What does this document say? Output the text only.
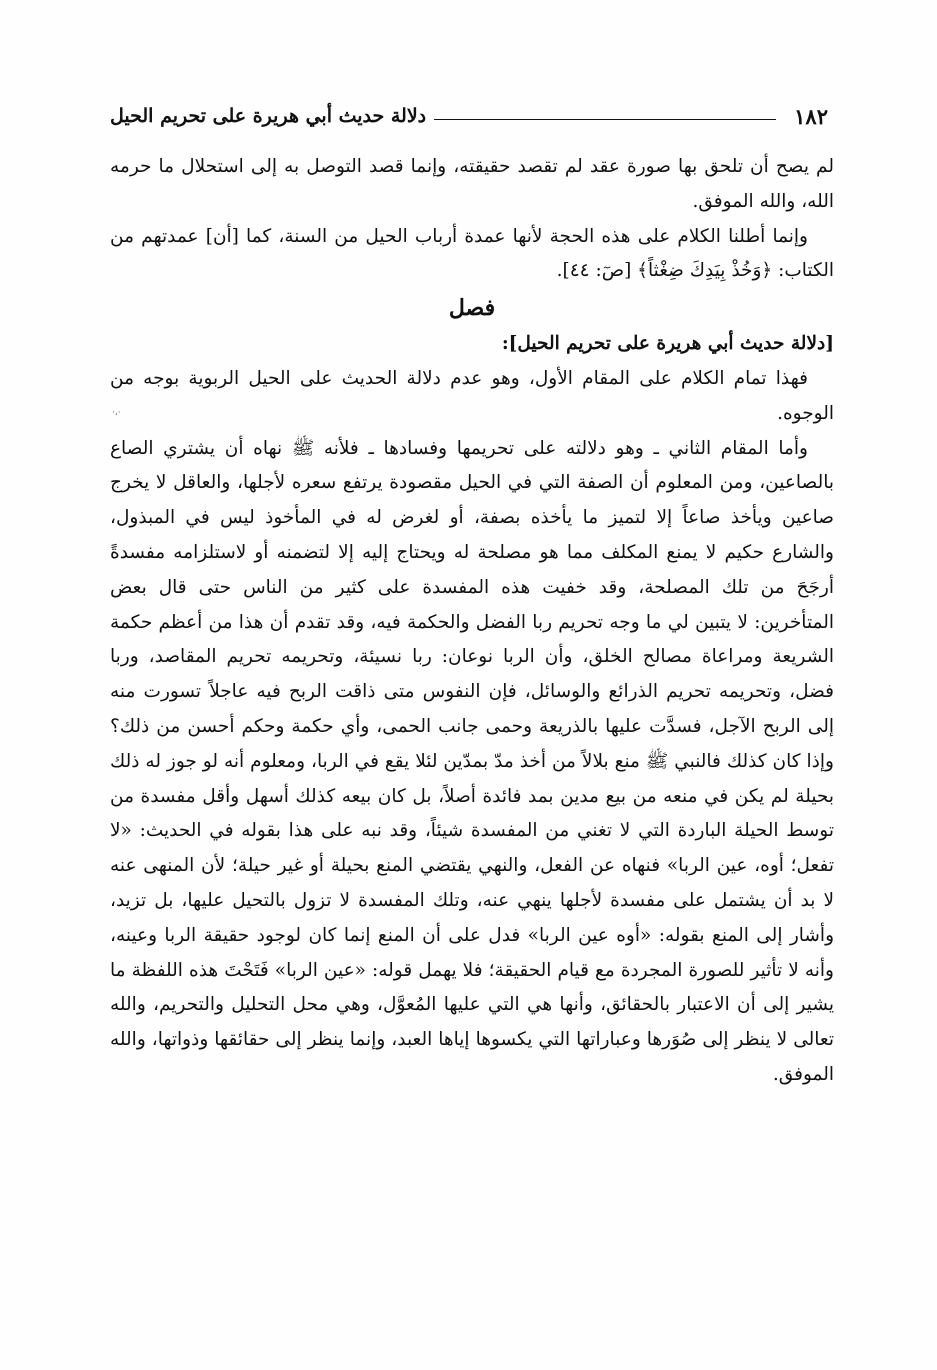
١٨٢
دلالة حديث أبي هريرة على تحريم الحيل
·،·

لم يصح أن تلحق بها صورة عقد لم تقصد حقيقته، وإنما قصد التوصل به إلى استحلال ما حرمه الله، والله الموفق.

وإنما أطلنا الكلام على هذه الحجة لأنها عمدة أرباب الحيل من السنة، كما [أن] عمدتهم من الكتاب: ﴿وَخُذْ بِيَدِكَ ضِغْثاً﴾ [صٓ: ٤٤].

فصل

[دلالة حديث أبي هريرة على تحريم الحيل]:

فهذا تمام الكلام على المقام الأول، وهو عدم دلالة الحديث على الحيل الربوية بوجه من الوجوه.

وأما المقام الثاني ـ وهو دلالته على تحريمها وفسادها ـ فلأنه ﷺ نهاه أن يشتري الصاع بالصاعين، ومن المعلوم أن الصفة التي في الحيل مقصودة يرتفع سعره لأجلها، والعاقل لا يخرج صاعين ويأخذ صاعاً إلا لتميز ما يأخذه بصفة، أو لغرض له في المأخوذ ليس في المبذول، والشارع حكيم لا يمنع المكلف مما هو مصلحة له ويحتاج إليه إلا لتضمنه أو لاستلزامه مفسدةً أرجَحَ من تلك المصلحة، وقد خفيت هذه المفسدة على كثير من الناس حتى قال بعض المتأخرين: لا يتبين لي ما وجه تحريم ربا الفضل والحكمة فيه، وقد تقدم أن هذا من أعظم حكمة الشريعة ومراعاة مصالح الخلق، وأن الربا نوعان: ربا نسيئة، وتحريمه تحريم المقاصد، وربا فضل، وتحريمه تحريم الذرائع والوسائل، فإن النفوس متى ذاقت الربح فيه عاجلاً تسورت منه إلى الربح الآجل، فسدَّت عليها بالذريعة وحمى جانب الحمى، وأي حكمة وحكم أحسن من ذلك؟ وإذا كان كذلك فالنبي ﷺ منع بلالاً من أخذ مدّ بمدّين لئلا يقع في الربا، ومعلوم أنه لو جوز له ذلك بحيلة لم يكن في منعه من بيع مدين بمد فائدة أصلاً، بل كان بيعه كذلك أسهل وأقل مفسدة من توسط الحيلة الباردة التي لا تغني من المفسدة شيئاً، وقد نبه على هذا بقوله في الحديث: «لا تفعل؛ أوه، عين الربا» فنهاه عن الفعل، والنهي يقتضي المنع بحيلة أو غير حيلة؛ لأن المنهى عنه لا بد أن يشتمل على مفسدة لأجلها ينهي عنه، وتلك المفسدة لا تزول بالتحيل عليها، بل تزيد، وأشار إلى المنع بقوله: «أوه عين الربا» فدل على أن المنع إنما كان لوجود حقيقة الربا وعينه، وأنه لا تأثير للصورة المجردة مع قيام الحقيقة؛ فلا يهمل قوله: «عين الربا» فَتَحْتَ هذه اللفظة ما يشير إلى أن الاعتبار بالحقائق، وأنها هي التي عليها المُعوَّل، وهي محل التحليل والتحريم، والله تعالى لا ينظر إلى صُوَرها وعباراتها التي يكسوها إياها العبد، وإنما ينظر إلى حقائقها وذواتها، والله الموفق.
